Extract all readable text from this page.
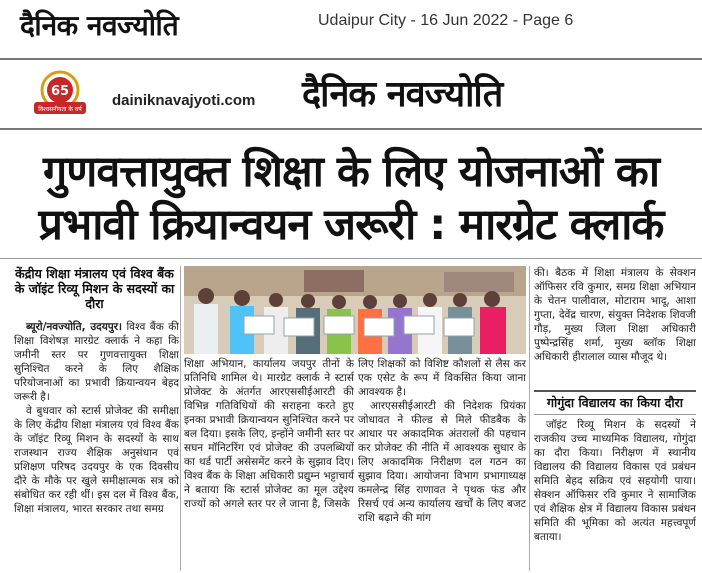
दैनिक नवज्योति	Udaipur City - 16 Jun 2022 - Page 6
65
विश्वसनीयता के वर्ष
dainiknavajyoti.com दैनिक नवज्योति
गुणवत्तायुक्त शिक्षा के लिए योजनाओं का
प्रभावी क्रियान्वयन जरूरी : मारग्रेट क्लार्क
केंद्रीय शिक्षा मंत्रालय एवं विश्व बैंक के जॉइंट रिव्यू मिशन के सदस्यों का दौरा

ब्यूरो/नवज्योति, उदयपुर। विश्व बैंक की शिक्षा विशेषज्ञ मारग्रेट क्लार्क ने कहा कि जमीनी स्तर पर गुणवत्तायुक्त शिक्षा सुनिश्चित करने के लिए शैक्षिक परियोजनाओं का प्रभावी क्रियान्वयन बेहद जरूरी है।

वे बुधवार को स्टार्स प्रोजेक्ट की समीक्षा के लिए केंद्रीय शिक्षा मंत्रालय एवं विश्व बैंक के जॉइंट रिव्यू मिशन के सदस्यों के साथ राजस्थान राज्य शैक्षिक अनुसंधान एवं प्रशिक्षण परिषद उदयपुर के एक दिवसीय दौरे के मौके पर खुले समीक्षात्मक सत्र को संबोधित कर रही थीं। इस दल में विश्व बैंक, शिक्षा मंत्रालय, भारत सरकार तथा समग्र

शिक्षा अभियान, कार्यालय जयपुर तीनों के प्रतिनिधि शामिल थे। मारग्रेट क्लार्क ने स्टार्स प्रोजेक्ट के अंतर्गत आरएससीईआरटी की विभिन्न गतिविधियों की सराहना करते हुए इनका प्रभावी क्रियान्वयन सुनिश्चित करने पर बल दिया। इसके लिए, इन्होंने जमीनी स्तर पर सघन मॉनिटरिंग एवं प्रोजेक्ट की उपलब्धियों का थर्ड पार्टी असेसमेंट करने के सुझाव दिए। विश्व बैंक के शिक्षा अधिकारी प्रद्युम्न भट्टाचार्य ने बताया कि स्टार्स प्रोजेक्ट का मूल उद्देश्य राज्यों को अगले स्तर पर ले जाना है, जिसके

लिए शिक्षकों को विशिष्ट कौशलों से लैस कर एक एसेट के रूप में विकसित किया जाना आवश्यक है।

आरएससीईआरटी की निदेशक प्रियंका जोधावत ने फील्ड से मिले फीडबैक के आधार पर अकादमिक अंतरालों की पहचान कर प्रोजेक्ट की नीति में आवश्यक सुधार के लिए अकादमिक निरीक्षण दल गठन का सुझाव दिया। आयोजना विभाग प्रभागाध्यक्ष कमलेन्द्र सिंह राणावत ने पृथक फंड और रिसर्च एवं अन्य कार्यालय खर्चों के लिए बजट राशि बढ़ाने की मांग

की। बैठक में शिक्षा मंत्रालय के सेक्शन ऑफिसर रवि कुमार, समग्र शिक्षा अभियान के चेतन पालीवाल, मोटाराम भादू, आशा गुप्ता, देवेंद्र चारण, संयुक्त निदेशक शिवजी गौड़, मुख्य जिला शिक्षा अधिकारी पुष्पेन्द्रसिंह शर्मा, मुख्य ब्लॉक शिक्षा अधिकारी हीरालाल व्यास मौजूद थे।
गोगुंदा विद्यालय का किया दौरा

जॉइंट रिव्यू मिशन के सदस्यों ने राजकीय उच्च माध्यमिक विद्यालय, गोगुंदा का दौरा किया। निरीक्षण में स्थानीय विद्यालय की विद्यालय विकास एवं प्रबंधन समिति बेहद सक्रिय एवं सहयोगी पाया। सेक्शन ऑफिसर रवि कुमार ने सामाजिक एवं शैक्षिक क्षेत्र में विद्यालय विकास प्रबंधन समिति की भूमिका को अत्यंत महत्त्वपूर्ण बताया।
